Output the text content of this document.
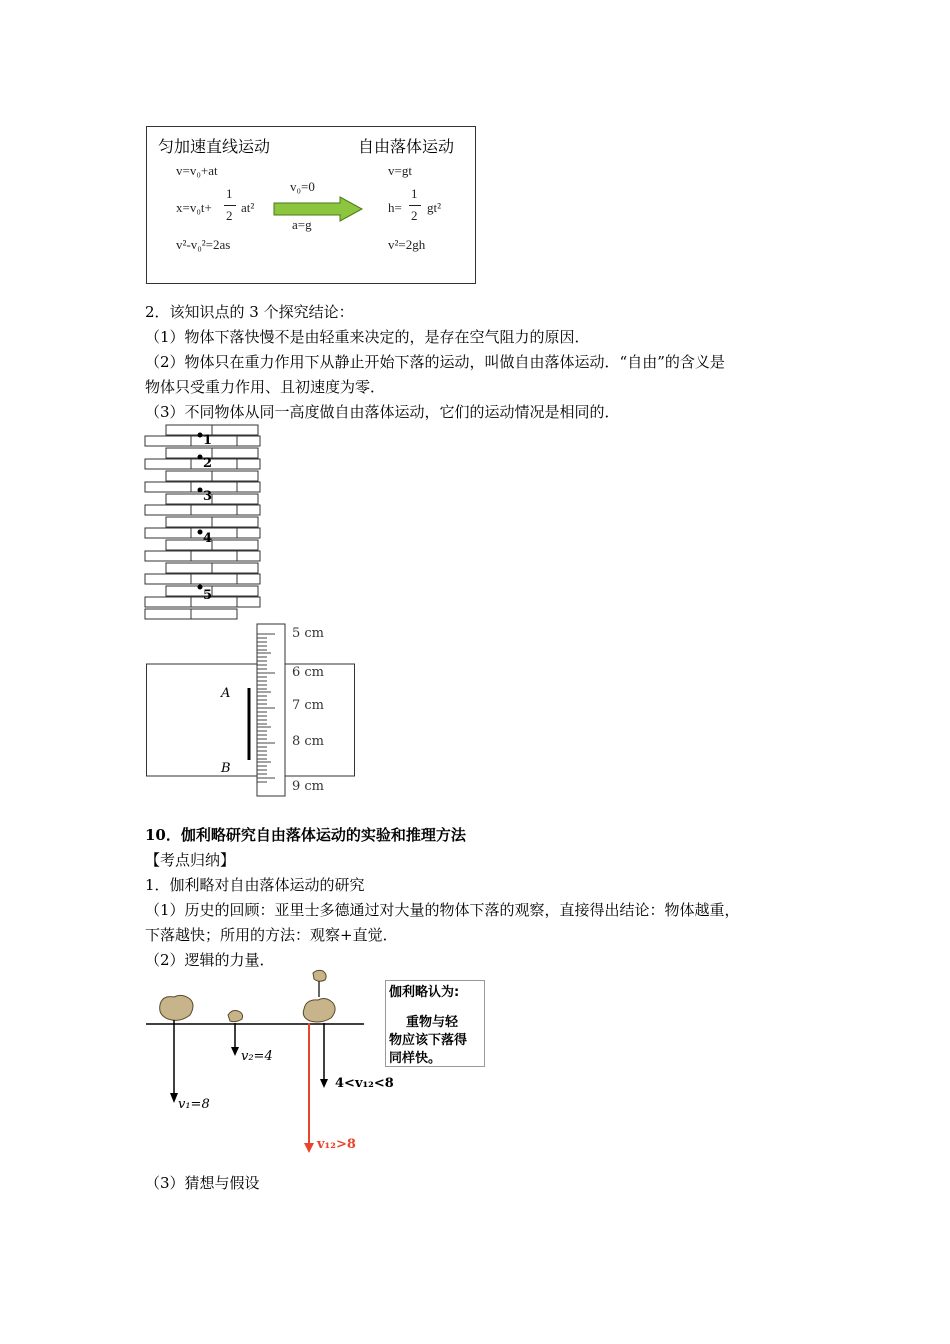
匀加速直线运动	自由落体运动
v=v₀+at
x=v₀t+
1
2
at²
v²-v₀²=2as
v₀=0
a=g
v=gt
h=
1
2
gt²
v²=2gh
2．该知识点的 3 个探究结论：
（1）物体下落快慢不是由轻重来决定的，是存在空气阻力的原因．
（2）物体只在重力作用下从静止开始下落的运动，叫做自由落体运动．“自由”的含义是
物体只受重力作用、且初速度为零．
（3）不同物体从同一高度做自由落体运动，它们的运动情况是相同的．
1
2
3
4
5
5 cm
6 cm
7 cm
8 cm
9 cm
A
B
10．伽利略研究自由落体运动的实验和推理方法
【考点归纳】
1．伽利略对自由落体运动的研究
（1）历史的回顾：亚里士多德通过对大量的物体下落的观察，直接得出结论：物体越重，
下落越快；所用的方法：观察+直觉．
（2）逻辑的力量．
v₁=8
v₂=4
4<v₁₂<8
v₁₂>8
伽利略认为:
重物与轻
物应该下落得
同样快。
（3）猜想与假设
